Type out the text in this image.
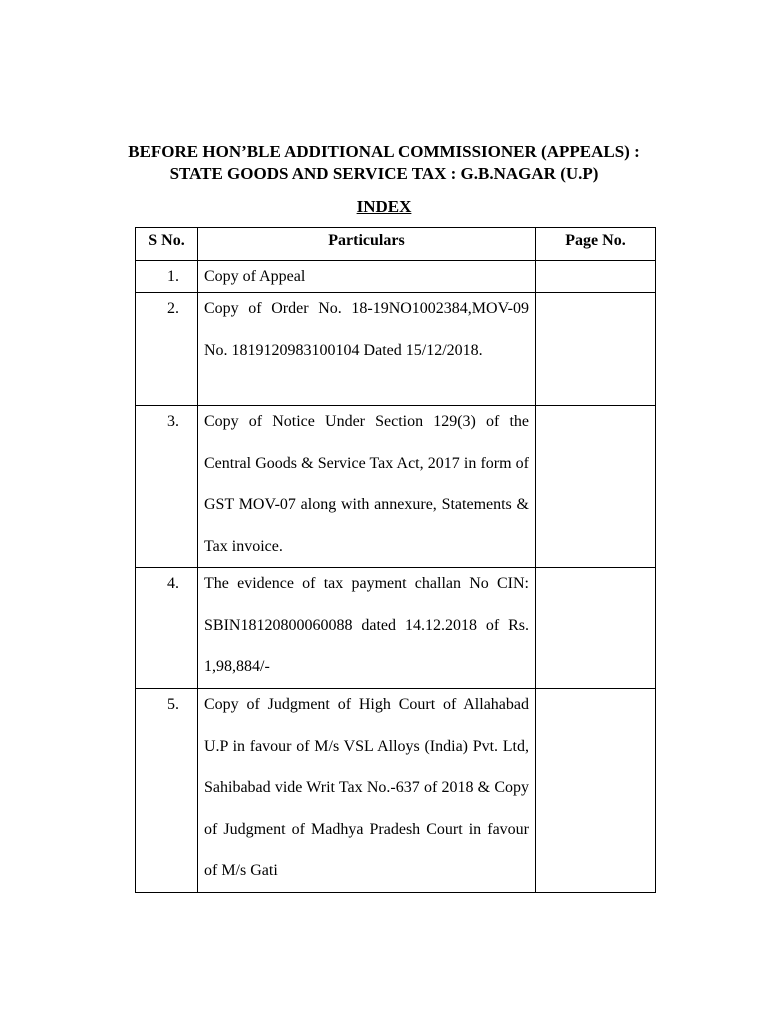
BEFORE HON’BLE ADDITIONAL COMMISSIONER (APPEALS) :
STATE GOODS AND SERVICE TAX : G.B.NAGAR (U.P)
INDEX
S No.	Particulars	Page No.
1.	Copy of Appeal	

2.	Copy of Order No. 18-19NO1002384,MOV-09 No. 1819120983100104 Dated 15/12/2018.	

3.	Copy of Notice Under Section 129(3) of the Central Goods & Service Tax Act, 2017 in form of GST MOV-07 along with annexure, Statements & Tax invoice.	

4.	The evidence of tax payment challan No CIN: SBIN18120800060088 dated 14.12.2018 of Rs. 1,98,884/-	

5.	Copy of Judgment of High Court of Allahabad U.P in favour of M/s VSL Alloys (India) Pvt. Ltd, Sahibabad vide Writ Tax No.-637 of 2018 & Copy of Judgment of Madhya Pradesh Court in favour of M/s Gati	
